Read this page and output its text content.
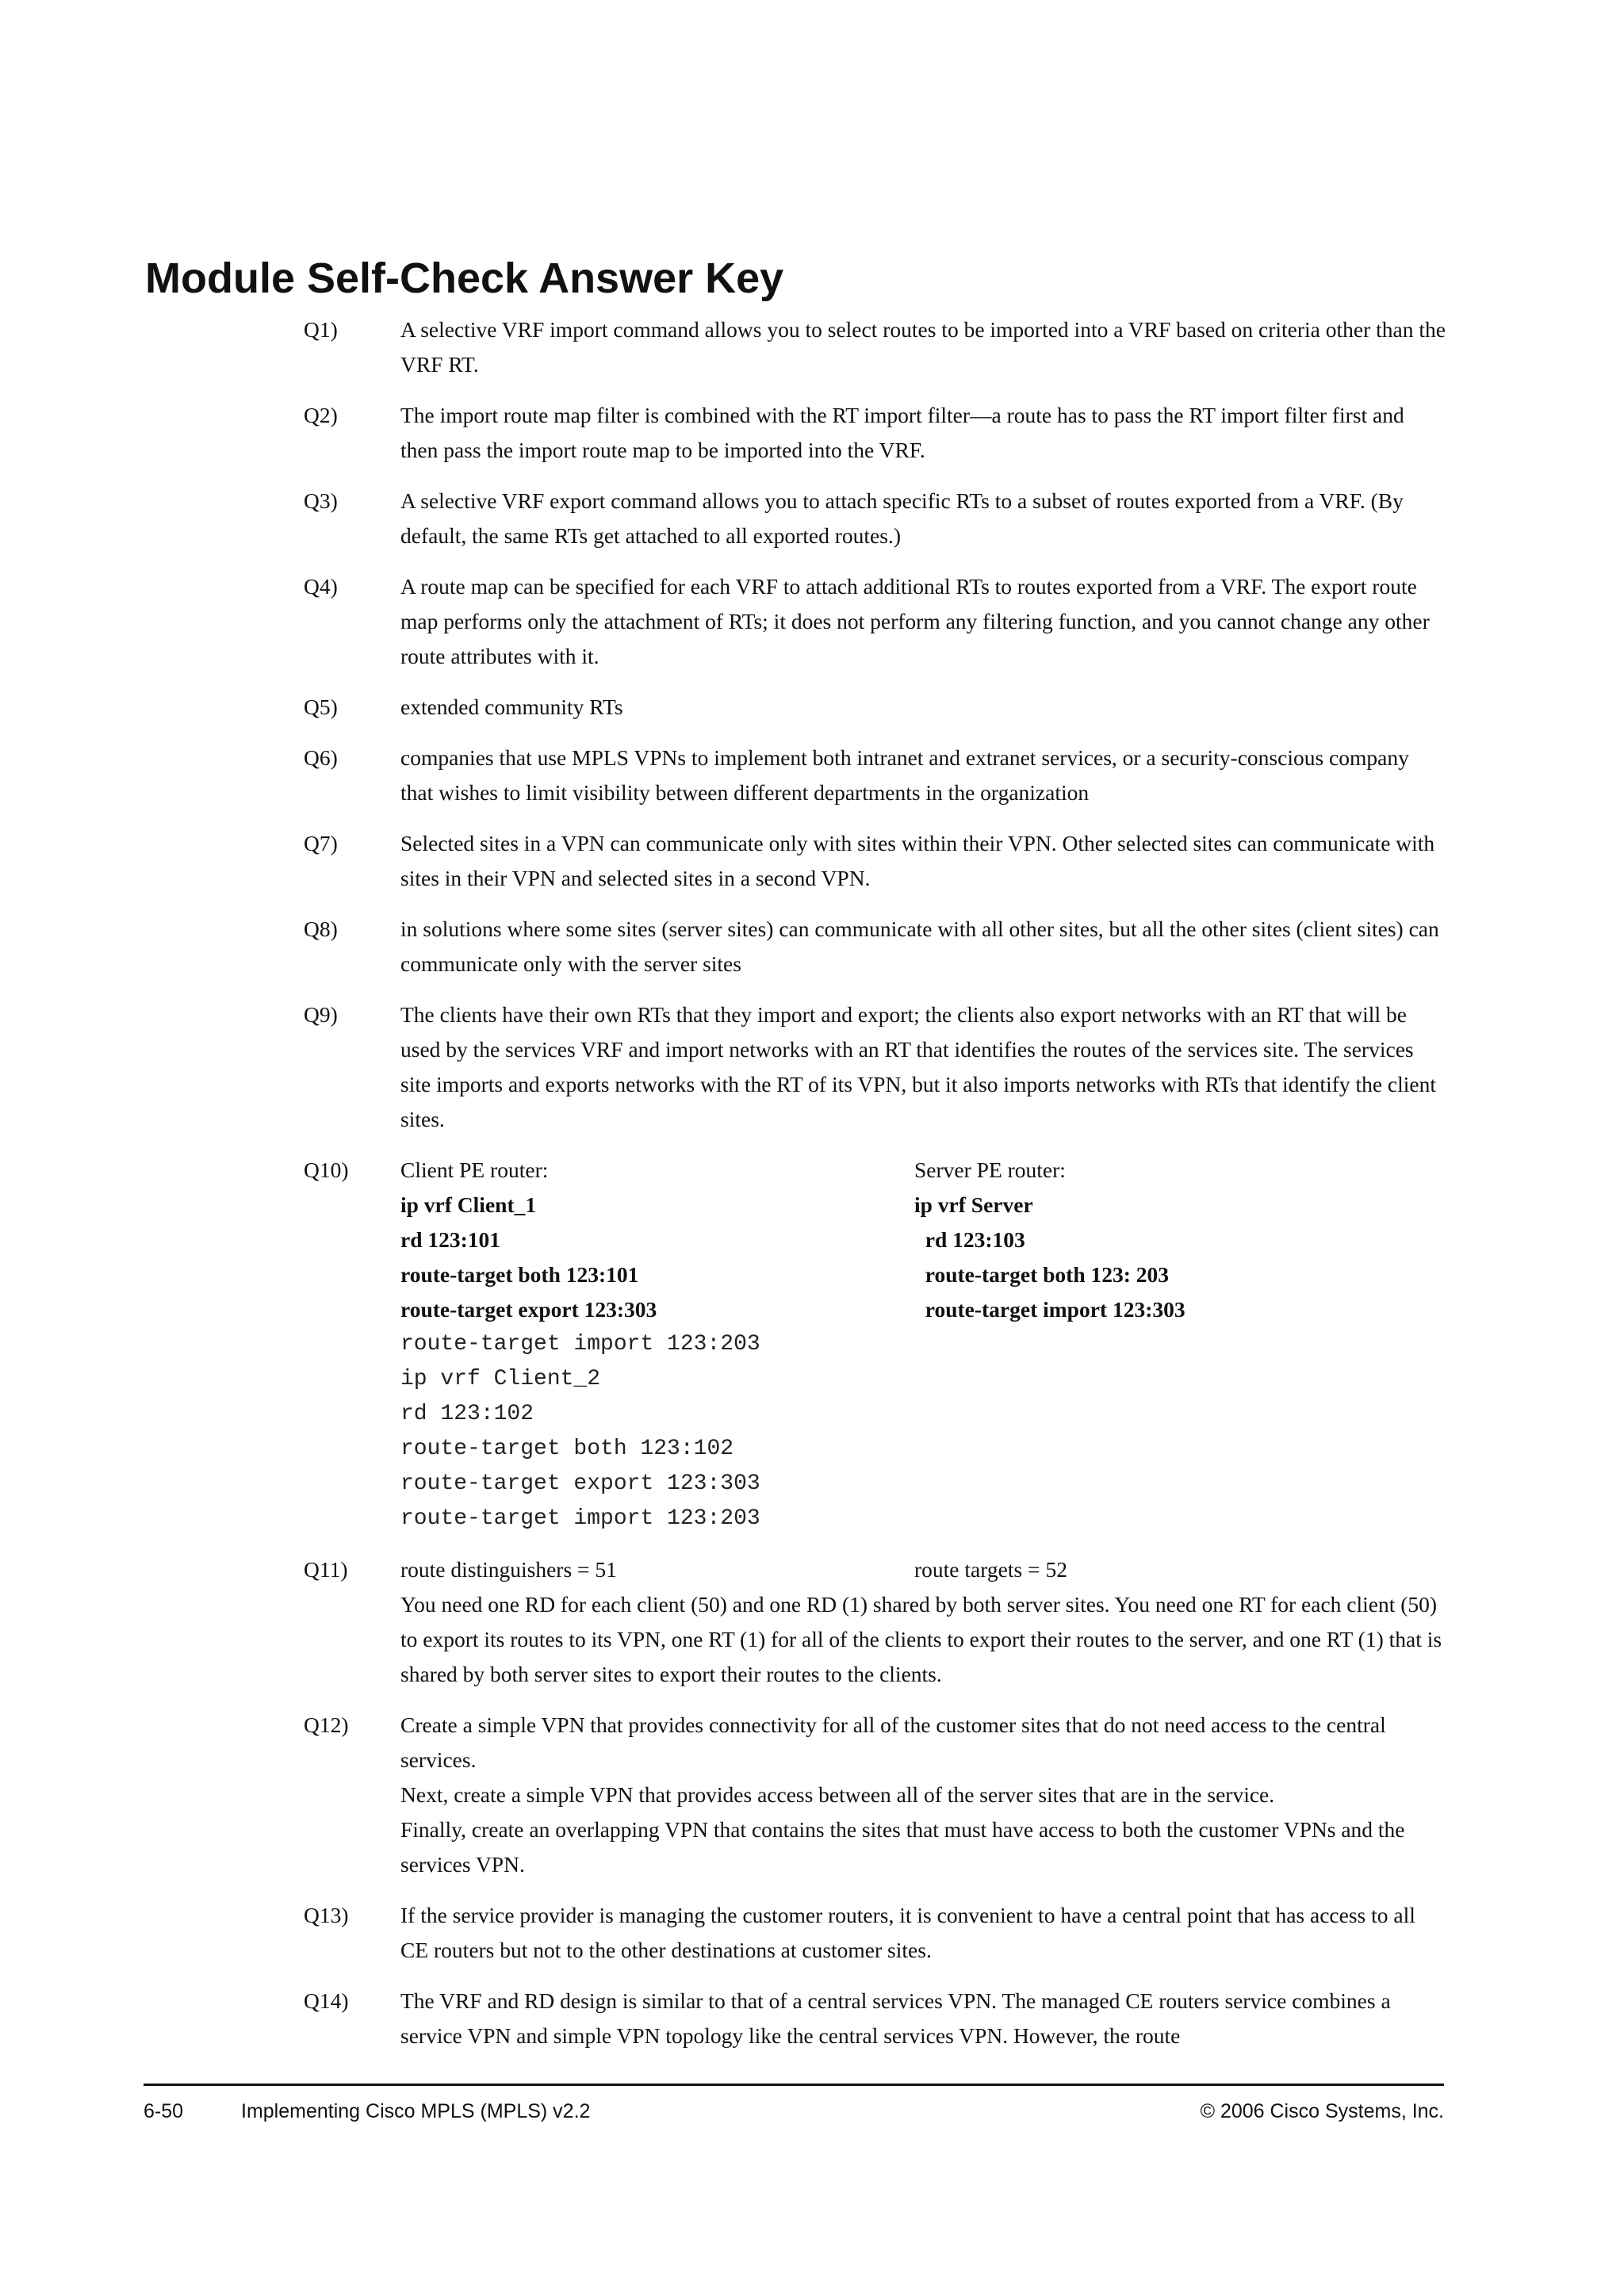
Module Self-Check Answer Key
Q1)	A selective VRF import command allows you to select routes to be imported into a VRF based on criteria other than the VRF RT.

Q2)	The import route map filter is combined with the RT import filter—a route has to pass the RT import filter first and then pass the import route map to be imported into the VRF.

Q3)	A selective VRF export command allows you to attach specific RTs to a subset of routes exported from a VRF. (By default, the same RTs get attached to all exported routes.)

Q4)	A route map can be specified for each VRF to attach additional RTs to routes exported from a VRF. The export route map performs only the attachment of RTs; it does not perform any filtering function, and you cannot change any other route attributes with it.

Q5)	extended community RTs

Q6)	companies that use MPLS VPNs to implement both intranet and extranet services, or a security-conscious company that wishes to limit visibility between different departments in the organization

Q7)	Selected sites in a VPN can communicate only with sites within their VPN. Other selected sites can communicate with sites in their VPN and selected sites in a second VPN.

Q8)	in solutions where some sites (server sites) can communicate with all other sites, but all the other sites (client sites) can communicate only with the server sites

Q9)	The clients have their own RTs that they import and export; the clients also export networks with an RT that will be used by the services VRF and import networks with an RT that identifies the routes of the services site. The services site imports and exports networks with the RT of its VPN, but it also imports networks with RTs that identify the client sites.

Q10)	Client PE router:

ip vrf Client_1
rd 123:101
route-target both 123:101
route-target export 123:303
route-target import 123:203
ip vrf Client_2
rd 123:102
route-target both 123:102
route-target export 123:303
route-target import 123:203

Server PE router:

ip vrf Server
rd 123:103
route-target both 123: 203
route-target import 123:303
Q11)	route distinguishers = 51	route targets = 52

You need one RD for each client (50) and one RD (1) shared by both server sites. You need one RT for each client (50) to export its routes to its VPN, one RT (1) for all of the clients to export their routes to the server, and one RT (1) that is shared by both server sites to export their routes to the clients.

Q12)	Create a simple VPN that provides connectivity for all of the customer sites that do not need access to the central services.

Next, create a simple VPN that provides access between all of the server sites that are in the service.

Finally, create an overlapping VPN that contains the sites that must have access to both the customer VPNs and the services VPN.

Q13)	If the service provider is managing the customer routers, it is convenient to have a central point that has access to all CE routers but not to the other destinations at customer sites.

Q14)	The VRF and RD design is similar to that of a central services VPN. The managed CE routers service combines a service VPN and simple VPN topology like the central services VPN. However, the route

6-50	Implementing Cisco MPLS (MPLS) v2.2	© 2006 Cisco Systems, Inc.
